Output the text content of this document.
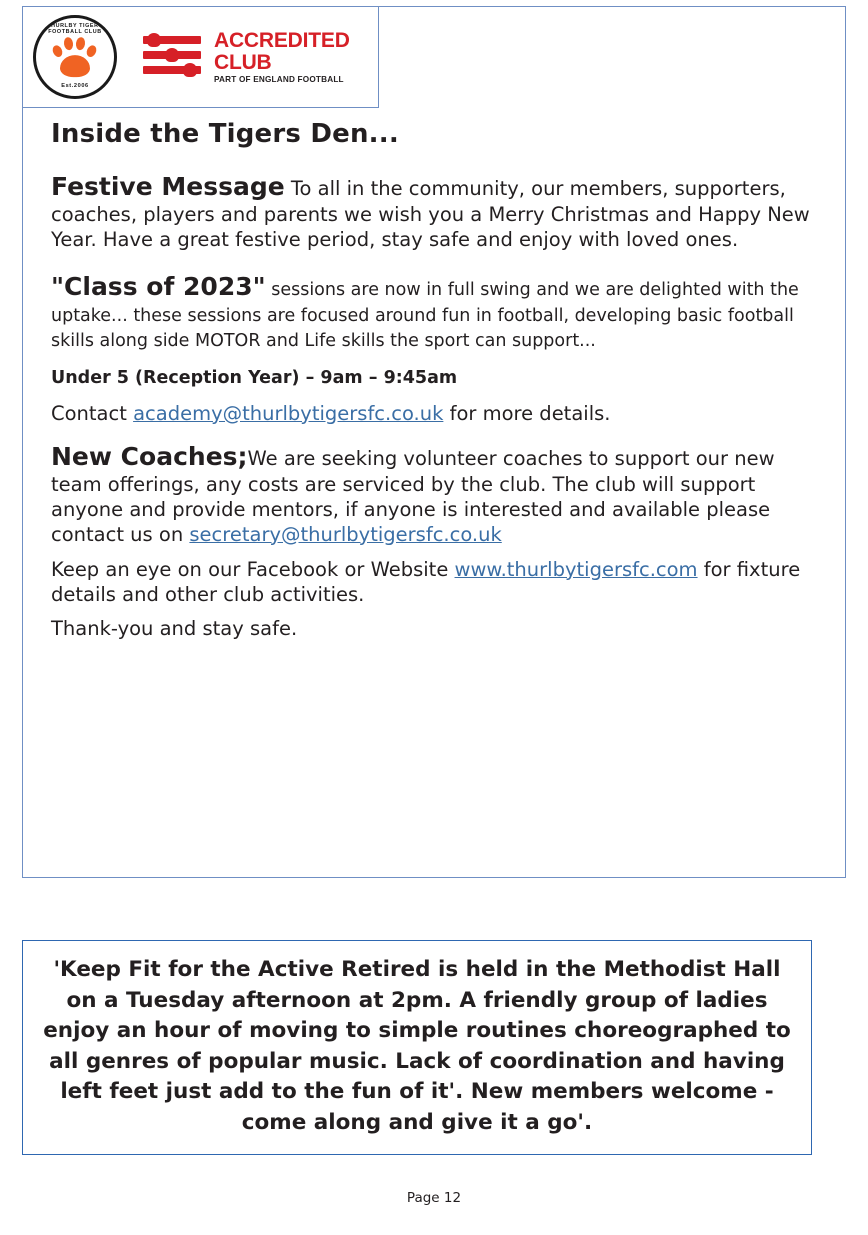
THURLBY TIGERS FOOTBALL CLUB
Est.2006
ACCREDITED
CLUB
PART OF ENGLAND FOOTBALL
Inside the Tigers Den...

Festive Message To all in the community, our members, supporters, coaches, players and parents we wish you a Merry Christmas and Happy New Year. Have a great festive period, stay safe and enjoy with loved ones.

"Class of 2023" sessions are now in full swing and we are delighted with the uptake... these sessions are focused around fun in football, developing basic football skills along side MOTOR and Life skills the sport can support...

Under 5 (Reception Year) – 9am – 9:45am

Contact academy@thurlbytigersfc.co.uk for more details.

New Coaches;We are seeking volunteer coaches to support our new team offerings, any costs are serviced by the club. The club will support anyone and provide mentors, if anyone is interested and available please contact us on secretary@thurlbytigersfc.co.uk

Keep an eye on our Facebook or Website www.thurlbytigersfc.com for fixture details and other club activities.

Thank-you and stay safe.

'Keep Fit for the Active Retired is held in the Methodist Hall on a Tuesday afternoon at 2pm. A friendly group of ladies enjoy an hour of moving to simple routines choreographed to all genres of popular music. Lack of coordination and having left feet just add to the fun of it'. New members welcome - come along and give it a go'.
Page 12
